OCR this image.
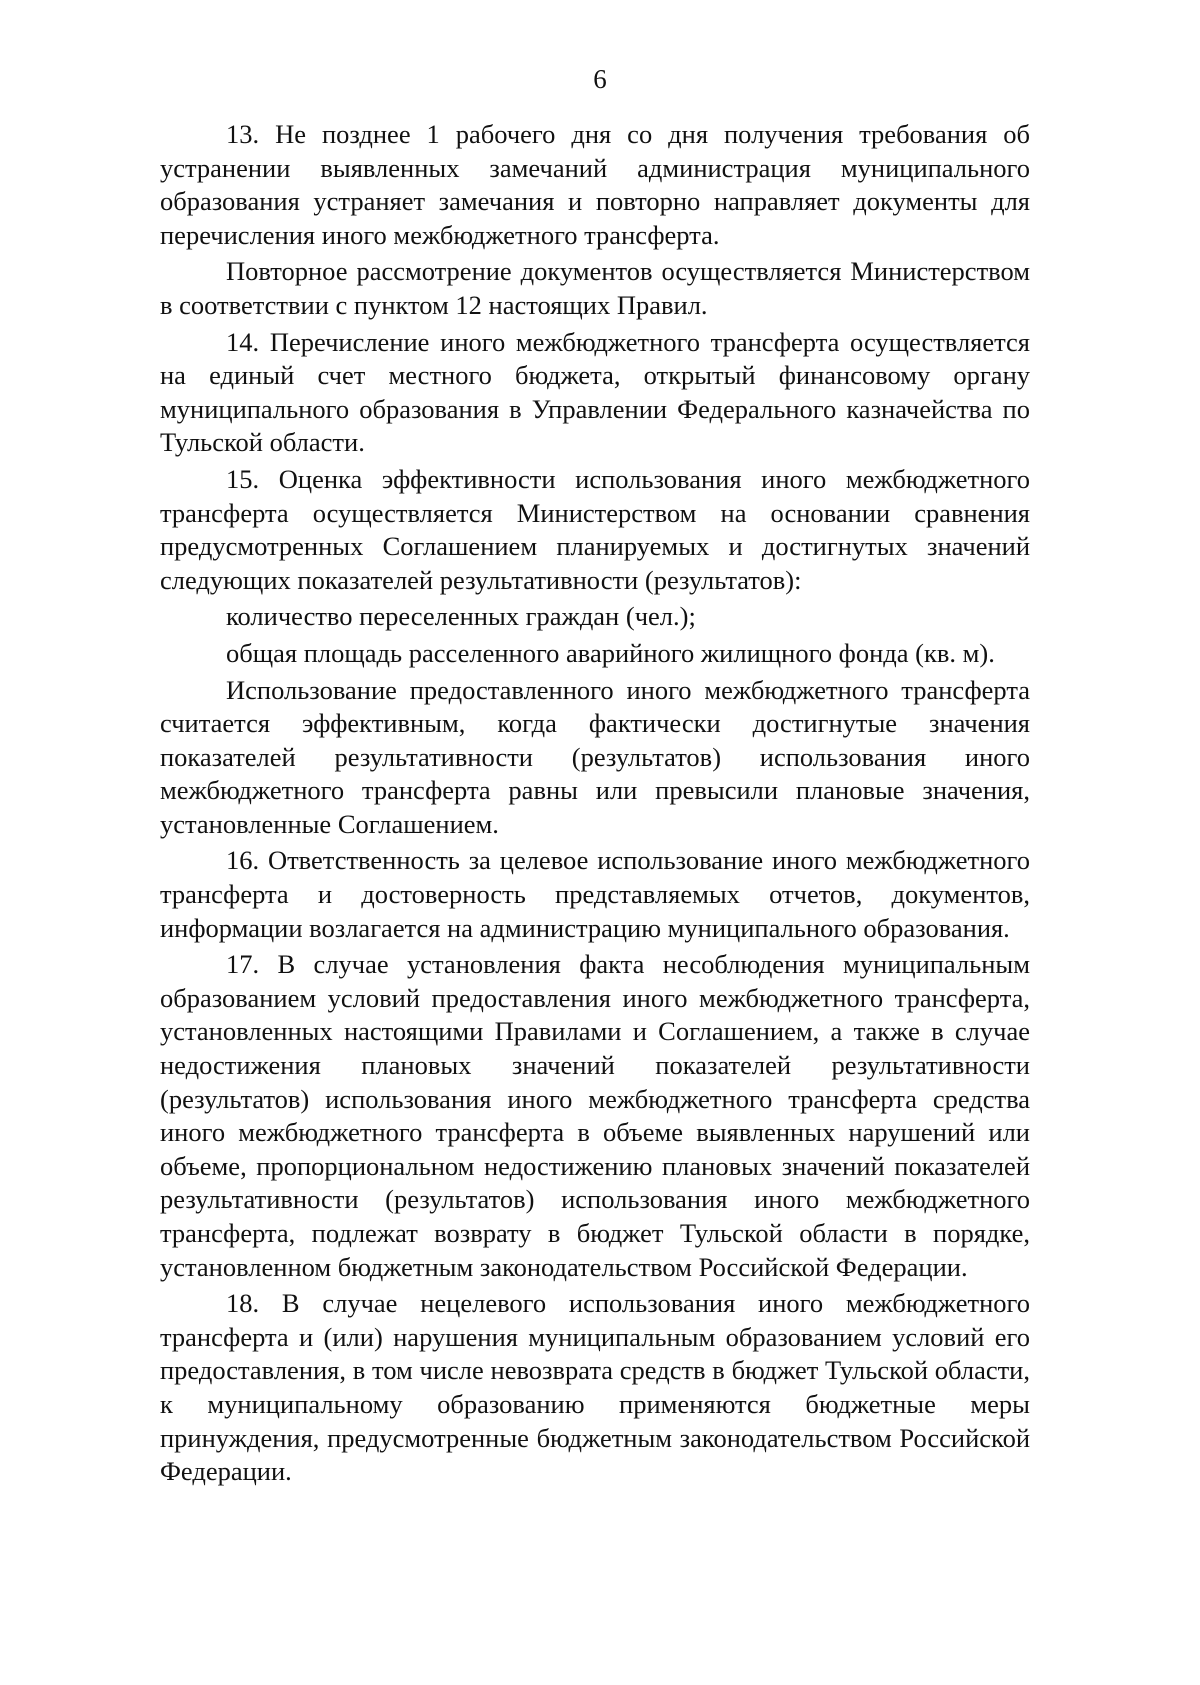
6

13. Не позднее 1 рабочего дня со дня получения требования об устранении выявленных замечаний администрация муниципального образования устраняет замечания и повторно направляет документы для перечисления иного межбюджетного трансферта.

Повторное рассмотрение документов осуществляется Министерством в соответствии с пунктом 12 настоящих Правил.

14. Перечисление иного межбюджетного трансферта осуществляется на единый счет местного бюджета, открытый финансовому органу муниципального образования в Управлении Федерального казначейства по Тульской области.

15. Оценка эффективности использования иного межбюджетного трансферта осуществляется Министерством на основании сравнения предусмотренных Соглашением планируемых и достигнутых значений следующих показателей результативности (результатов):

количество переселенных граждан (чел.);

общая площадь расселенного аварийного жилищного фонда (кв. м).

Использование предоставленного иного межбюджетного трансферта считается эффективным, когда фактически достигнутые значения показателей результативности (результатов) использования иного межбюджетного трансферта равны или превысили плановые значения, установленные Соглашением.

16. Ответственность за целевое использование иного межбюджетного трансферта и достоверность представляемых отчетов, документов, информации возлагается на администрацию муниципального образования.

17. В случае установления факта несоблюдения муниципальным образованием условий предоставления иного межбюджетного трансферта, установленных настоящими Правилами и Соглашением, а также в случае недостижения плановых значений показателей результативности (результатов) использования иного межбюджетного трансферта средства иного межбюджетного трансферта в объеме выявленных нарушений или объеме, пропорциональном недостижению плановых значений показателей результативности (результатов) использования иного межбюджетного трансферта, подлежат возврату в бюджет Тульской области в порядке, установленном бюджетным законодательством Российской Федерации.

18. В случае нецелевого использования иного межбюджетного трансферта и (или) нарушения муниципальным образованием условий его предоставления, в том числе невозврата средств в бюджет Тульской области, к муниципальному образованию применяются бюджетные меры принуждения, предусмотренные бюджетным законодательством Российской Федерации.
